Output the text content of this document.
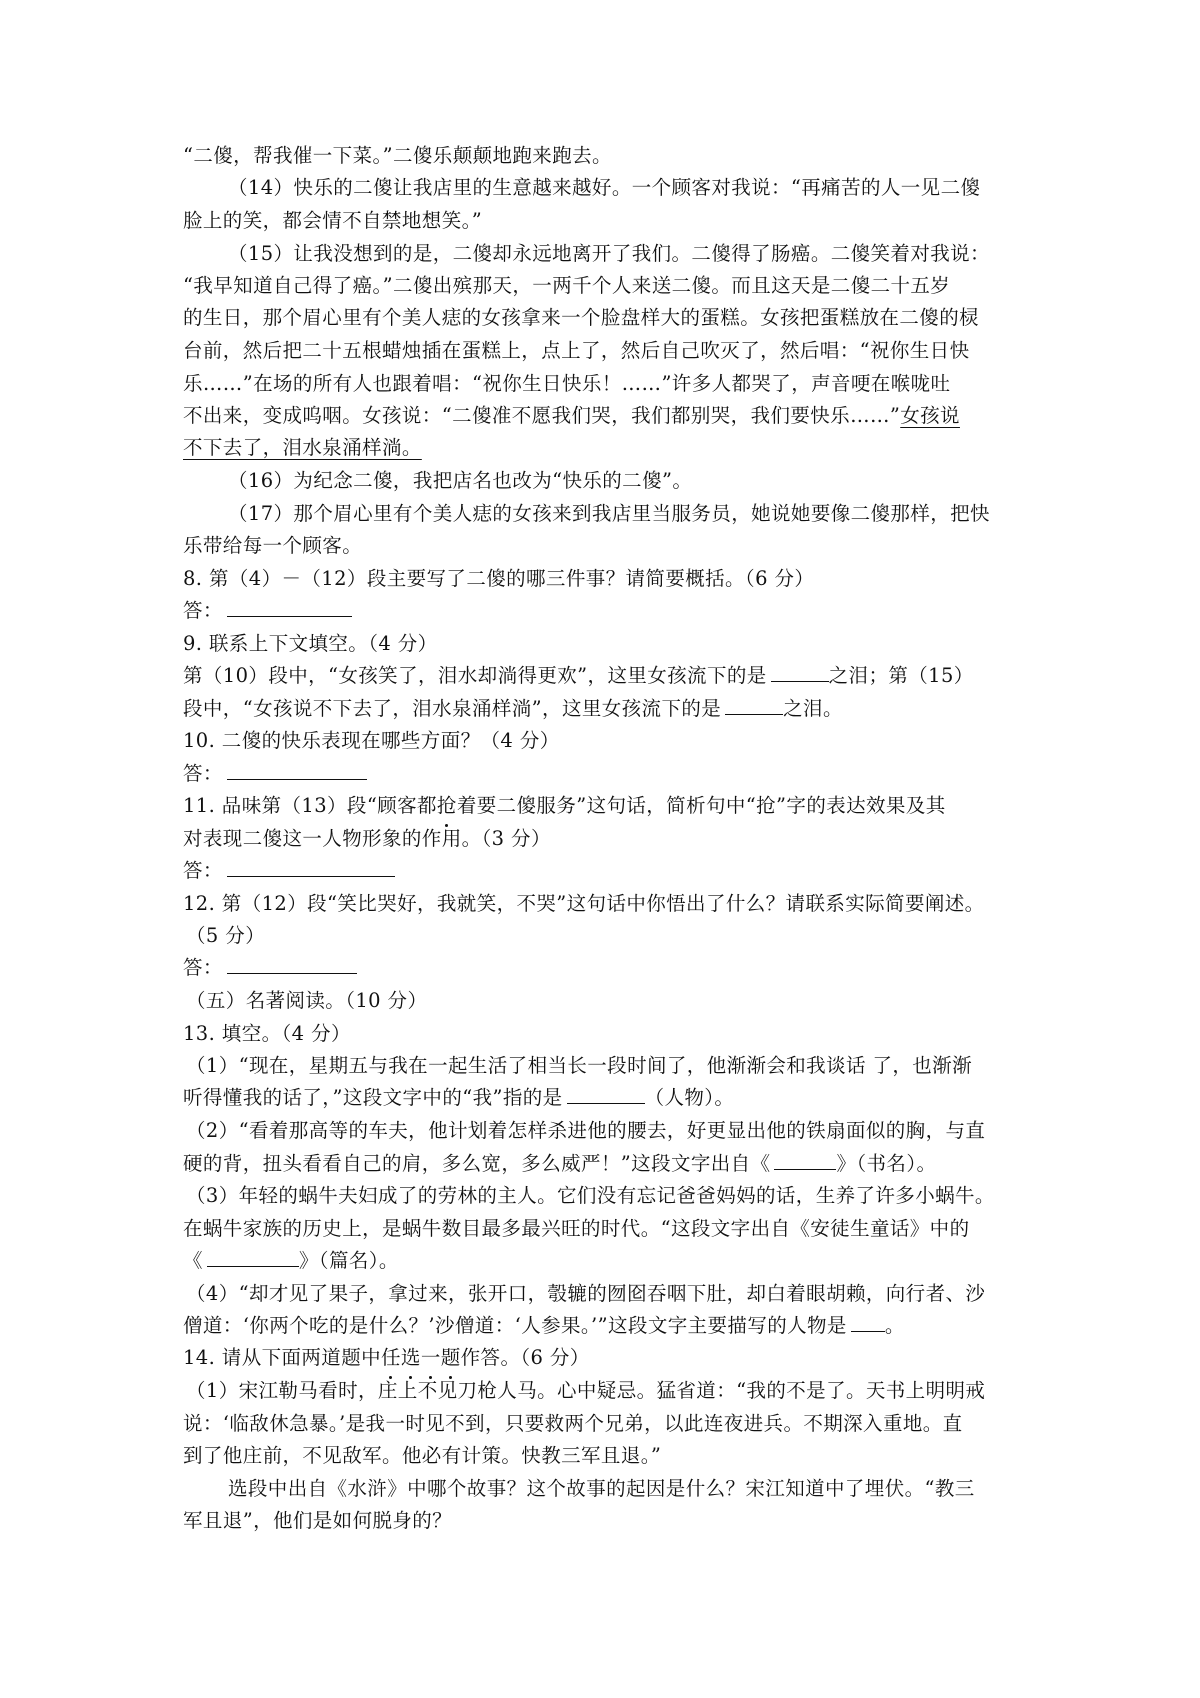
“二傻，帮我催一下菜。”二傻乐颠颠地跑来跑去。
（14）快乐的二傻让我店里的生意越来越好。一个顾客对我说：“再痛苦的人一见二傻
脸上的笑，都会情不自禁地想笑。”
（15）让我没想到的是，二傻却永远地离开了我们。二傻得了肠癌。二傻笑着对我说：
“我早知道自己得了癌。”二傻出殡那天，一两千个人来送二傻。而且这天是二傻二十五岁
的生日，那个眉心里有个美人痣的女孩拿来一个脸盘样大的蛋糕。女孩把蛋糕放在二傻的棂
台前，然后把二十五根蜡烛插在蛋糕上，点上了，然后自己吹灭了，然后唱：“祝你生日快
乐……”在场的所有人也跟着唱：“祝你生日快乐！……”许多人都哭了，声音哽在喉咙吐
不出来，变成呜咽。女孩说：“二傻准不愿我们哭，我们都别哭，我们要快乐……”女孩说
不下去了，泪水泉涌样淌。
（16）为纪念二傻，我把店名也改为“快乐的二傻”。
（17）那个眉心里有个美人痣的女孩来到我店里当服务员，她说她要像二傻那样，把快
乐带给每一个顾客。
8. 第（4）－（12）段主要写了二傻的哪三件事？请简要概括。（6 分）
答：
9. 联系上下文填空。（4 分）
第（10）段中，“女孩笑了，泪水却淌得更欢”，这里女孩流下的是	之泪；第（15）
段中，“女孩说不下去了，泪水泉涌样淌”，这里女孩流下的是	之泪。
10. 二傻的快乐表现在哪些方面？（4 分）
答：
11. 品味第（13）段“顾客都抢着要二傻服务”这句话，简析句中“抢”字的表达效果及其
对表现二傻这一人物形象的作用。（3 分）
答：
12. 第（12）段“笑比哭好，我就笑，不哭”这句话中你悟出了什么？请联系实际简要阐述。
（5 分）
答：
（五）名著阅读。（10 分）
13. 填空。（4 分）
（1）“现在，星期五与我在一起生活了相当长一段时间了，他渐渐会和我谈话 了，也渐渐
听得懂我的话了，”这段文字中的“我”指的是	（人物）。
（2）“看着那高等的车夫，他计划着怎样杀进他的腰去，好更显出他的铁扇面似的胸，与直
硬的背，扭头看看自己的肩，多么宽，多么威严！”这段文字出自《	》（书名）。
（3）年轻的蜗牛夫妇成了的劳林的主人。它们没有忘记爸爸妈妈的话，生养了许多小蜗牛。
在蜗牛家族的历史上，是蜗牛数目最多最兴旺的时代。“这段文字出自《安徒生童话》中的
《	》（篇名）。
（4）“却才见了果子，拿过来，张开口，彀辘的囫囵吞咽下肚，却白着眼胡赖，向行者、沙
僧道：‘你两个吃的是什么？’沙僧道：‘人参果。’”这段文字主要描写的人物是 。
14. 请从下面两道题中任选一题作答。（6 分）
（1）宋江勒马看时，庄上不见刀枪人马。心中疑忌。猛省道：“我的不是了。天书上明明戒
说：‘临敌休急暴。’是我一时见不到，只要救两个兄弟，以此连夜进兵。不期深入重地。直
到了他庄前，不见敌军。他必有计策。快教三军且退。”
选段中出自《水浒》中哪个故事？这个故事的起因是什么？宋江知道中了埋伏。“教三
军且退”，他们是如何脱身的？
